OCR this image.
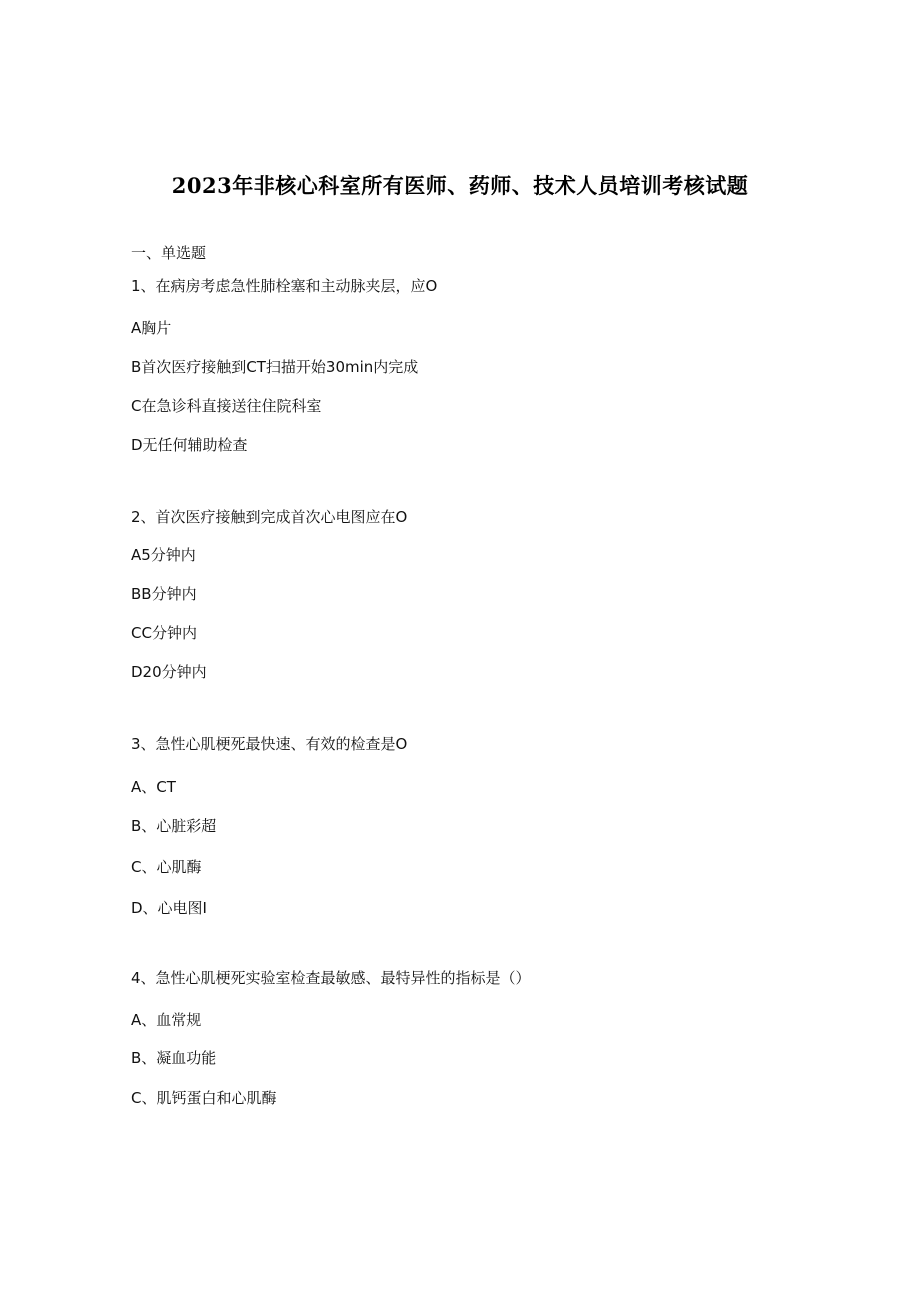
2023年非核心科室所有医师、药师、技术人员培训考核试题
一、单选题
1、在病房考虑急性肺栓塞和主动脉夹层，应O
A胸片
B首次医疗接触到CT扫描开始30min内完成
C在急诊科直接送往住院科室
D无任何辅助检查
2、首次医疗接触到完成首次心电图应在O
A5分钟内
BB分钟内
CC分钟内
D20分钟内
3、急性心肌梗死最快速、有效的检查是O
A、CT
B、心脏彩超
C、心肌酶
D、心电图I
4、急性心肌梗死实验室检查最敏感、最特异性的指标是（）
A、血常规
B、凝血功能
C、肌钙蛋白和心肌酶
